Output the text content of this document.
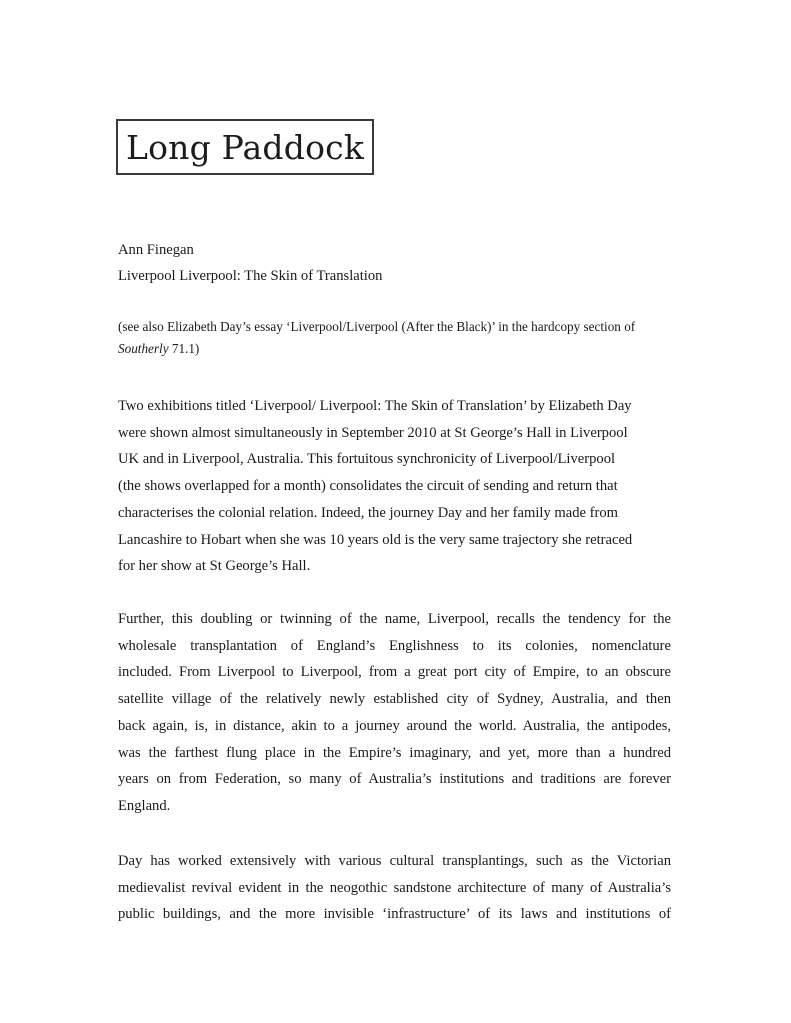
Long Paddock
Ann Finegan
Liverpool Liverpool: The Skin of Translation
(see also Elizabeth Day’s essay ‘Liverpool/Liverpool (After the Black)’ in the hardcopy section of Southerly 71.1)
Two exhibitions titled ‘Liverpool/ Liverpool: The Skin of Translation’ by Elizabeth Day
were shown almost simultaneously in September 2010 at St George’s Hall in Liverpool
UK and in Liverpool, Australia. This fortuitous synchronicity of Liverpool/Liverpool
(the shows overlapped for a month) consolidates the circuit of sending and return that
characterises the colonial relation. Indeed, the journey Day and her family made from
Lancashire to Hobart when she was 10 years old is the very same trajectory she retraced
for her show at St George’s Hall.
Further, this doubling or twinning of the name, Liverpool, recalls the tendency for the
wholesale transplantation of England’s Englishness to its colonies, nomenclature
included. From Liverpool to Liverpool, from a great port city of Empire, to an obscure
satellite village of the relatively newly established city of Sydney, Australia, and then
back again, is, in distance, akin to a journey around the world. Australia, the antipodes,
was the farthest flung place in the Empire’s imaginary, and yet, more than a hundred
years on from Federation, so many of Australia’s institutions and traditions are forever
England.
Day has worked extensively with various cultural transplantings, such as the Victorian
medievalist revival evident in the neogothic sandstone architecture of many of Australia’s
public buildings, and the more invisible ‘infrastructure’ of its laws and institutions of
